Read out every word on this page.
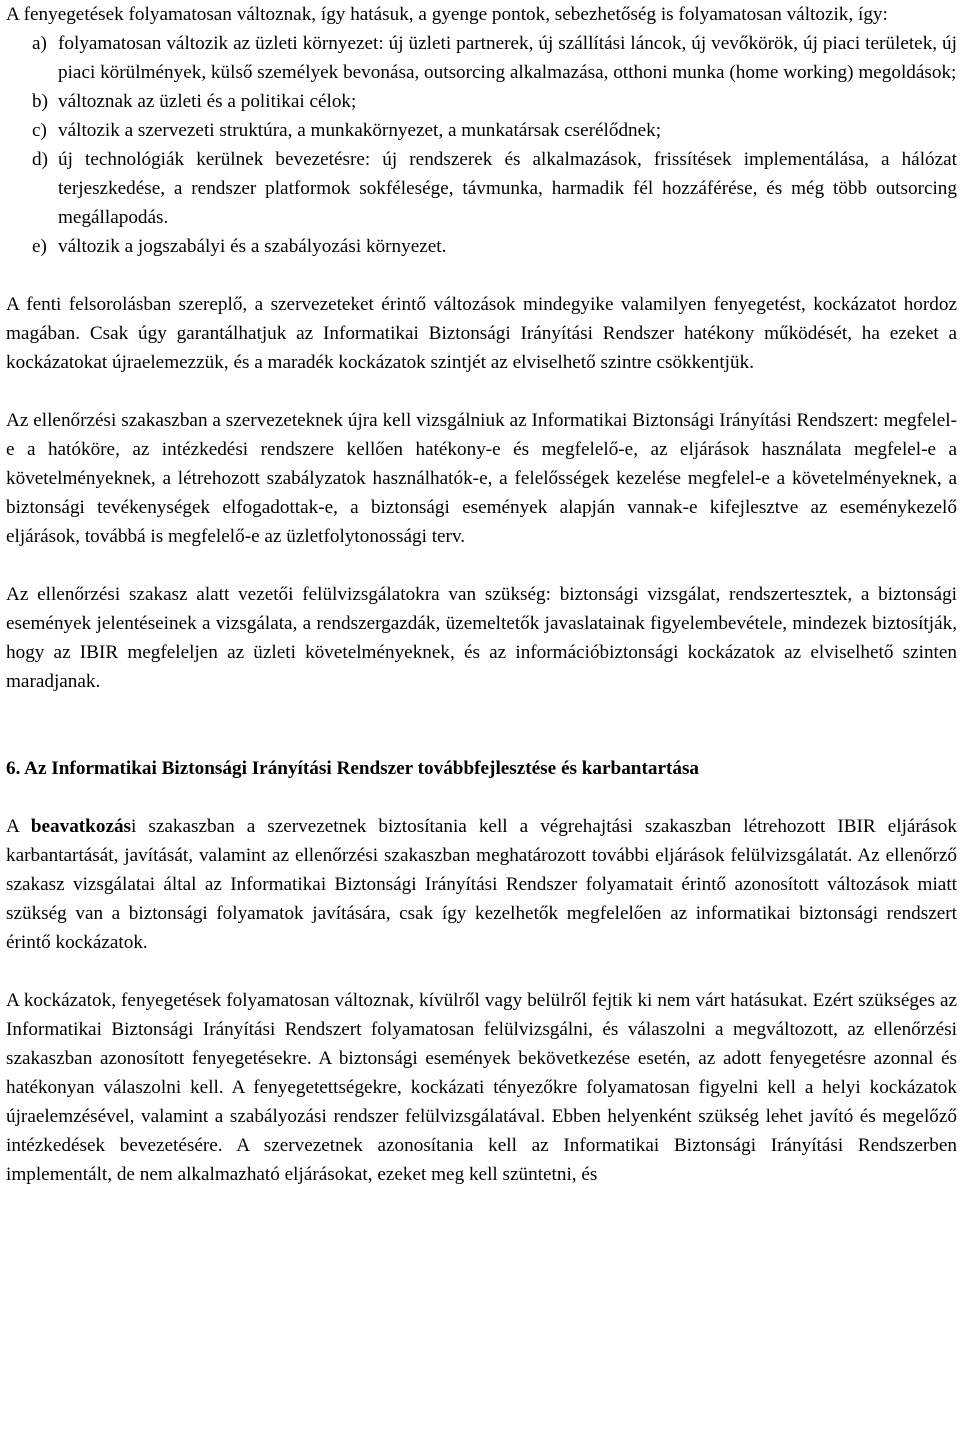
A fenyegetések folyamatosan változnak, így hatásuk, a gyenge pontok, sebezhetőség is folyamatosan változik, így:

a) folyamatosan változik az üzleti környezet: új üzleti partnerek, új szállítási láncok, új vevőkörök, új piaci területek, új piaci körülmények, külső személyek bevonása, outsorcing alkalmazása, otthoni munka (home working) megoldások;
b) változnak az üzleti és a politikai célok;
c) változik a szervezeti struktúra, a munkakörnyezet, a munkatársak cserélődnek;
d) új technológiák kerülnek bevezetésre: új rendszerek és alkalmazások, frissítések implementálása, a hálózat terjeszkedése, a rendszer platformok sokfélesége, távmunka, harmadik fél hozzáférése, és még több outsorcing megállapodás.
e) változik a jogszabályi és a szabályozási környezet.

A fenti felsorolásban szereplő, a szervezeteket érintő változások mindegyike valamilyen fenyegetést, kockázatot hordoz magában. Csak úgy garantálhatjuk az Informatikai Biztonsági Irányítási Rendszer hatékony működését, ha ezeket a kockázatokat újraelemezzük, és a maradék kockázatok szintjét az elviselhető szintre csökkentjük.

Az ellenőrzési szakaszban a szervezeteknek újra kell vizsgálniuk az Informatikai Biztonsági Irányítási Rendszert: megfelel-e a hatóköre, az intézkedési rendszere kellően hatékony-e és megfelelő-e, az eljárások használata megfelel-e a követelményeknek, a létrehozott szabályzatok használhatók-e, a felelősségek kezelése megfelel-e a követelményeknek, a biztonsági tevékenységek elfogadottak-e, a biztonsági események alapján vannak-e kifejlesztve az eseménykezelő eljárások, továbbá is megfelelő-e az üzletfolytonossági terv.

Az ellenőrzési szakasz alatt vezetői felülvizsgálatokra van szükség: biztonsági vizsgálat, rendszertesztek, a biztonsági események jelentéseinek a vizsgálata, a rendszergazdák, üzemeltetők javaslatainak figyelembevétele, mindezek biztosítják, hogy az IBIR megfeleljen az üzleti követelményeknek, és az információbiztonsági kockázatok az elviselhető szinten maradjanak.

6. Az Informatikai Biztonsági Irányítási Rendszer továbbfejlesztése és karbantartása

A beavatkozási szakaszban a szervezetnek biztosítania kell a végrehajtási szakaszban létrehozott IBIR eljárások karbantartását, javítását, valamint az ellenőrzési szakaszban meghatározott további eljárások felülvizsgálatát. Az ellenőrző szakasz vizsgálatai által az Informatikai Biztonsági Irányítási Rendszer folyamatait érintő azonosított változások miatt szükség van a biztonsági folyamatok javítására, csak így kezelhetők megfelelően az informatikai biztonsági rendszert érintő kockázatok.

A kockázatok, fenyegetések folyamatosan változnak, kívülről vagy belülről fejtik ki nem várt hatásukat. Ezért szükséges az Informatikai Biztonsági Irányítási Rendszert folyamatosan felülvizsgálni, és válaszolni a megváltozott, az ellenőrzési szakaszban azonosított fenyegetésekre. A biztonsági események bekövetkezése esetén, az adott fenyegetésre azonnal és hatékonyan válaszolni kell. A fenyegetettségekre, kockázati tényezőkre folyamatosan figyelni kell a helyi kockázatok újraelemzésével, valamint a szabályozási rendszer felülvizsgálatával. Ebben helyenként szükség lehet javító és megelőző intézkedések bevezetésére. A szervezetnek azonosítania kell az Informatikai Biztonsági Irányítási Rendszerben implementált, de nem alkalmazható eljárásokat, ezeket meg kell szüntetni, és
